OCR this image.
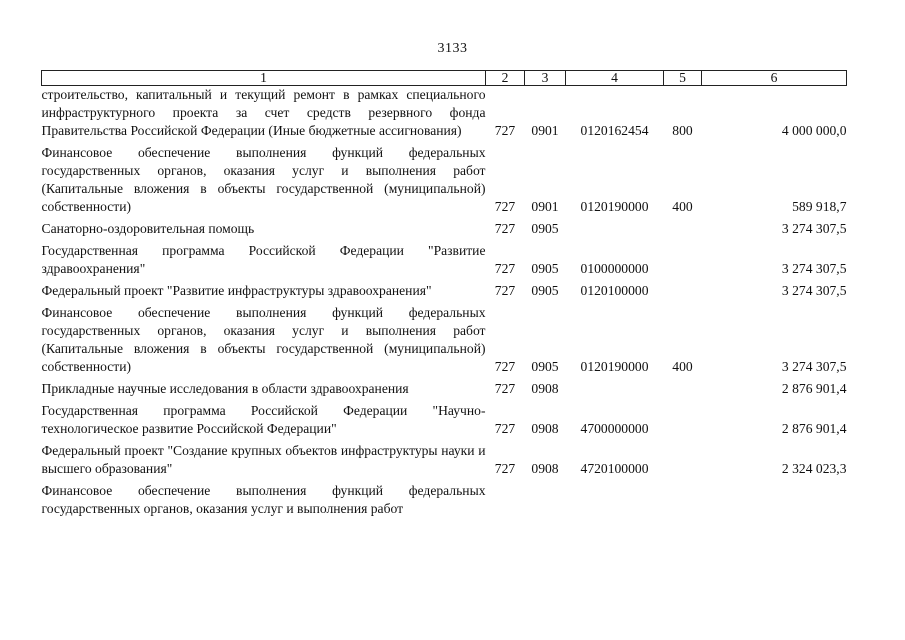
3133
1	2	3	4	5	6
строительство, капитальный и текущий ремонт в рамках специального инфраструктурного проекта за счет средств резервного фонда Правительства Российской Федерации (Иные бюджетные ассигнования)	727	0901	0120162454	800	4 000 000,0

Финансовое обеспечение выполнения функций федеральных государственных органов, оказания услуг и выполнения работ (Капитальные вложения в объекты государственной (муниципальной) собственности)	727	0901	0120190000	400	589 918,7

Санаторно-оздоровительная помощь	727	0905			3 274 307,5

Государственная программа Российской Федерации "Развитие здравоохранения"	727	0905	0100000000		3 274 307,5

Федеральный проект "Развитие инфраструктуры здравоохранения"	727	0905	0120100000		3 274 307,5

Финансовое обеспечение выполнения функций федеральных государственных органов, оказания услуг и выполнения работ (Капитальные вложения в объекты государственной (муниципальной) собственности)	727	0905	0120190000	400	3 274 307,5

Прикладные научные исследования в области здравоохранения	727	0908			2 876 901,4

Государственная программа Российской Федерации "Научно-технологическое развитие Российской Федерации"	727	0908	4700000000		2 876 901,4

Федеральный проект "Создание крупных объектов инфраструктуры науки и высшего образования"	727	0908	4720100000		2 324 023,3

Финансовое обеспечение выполнения функций федеральных государственных органов, оказания услуг и выполнения работ					
